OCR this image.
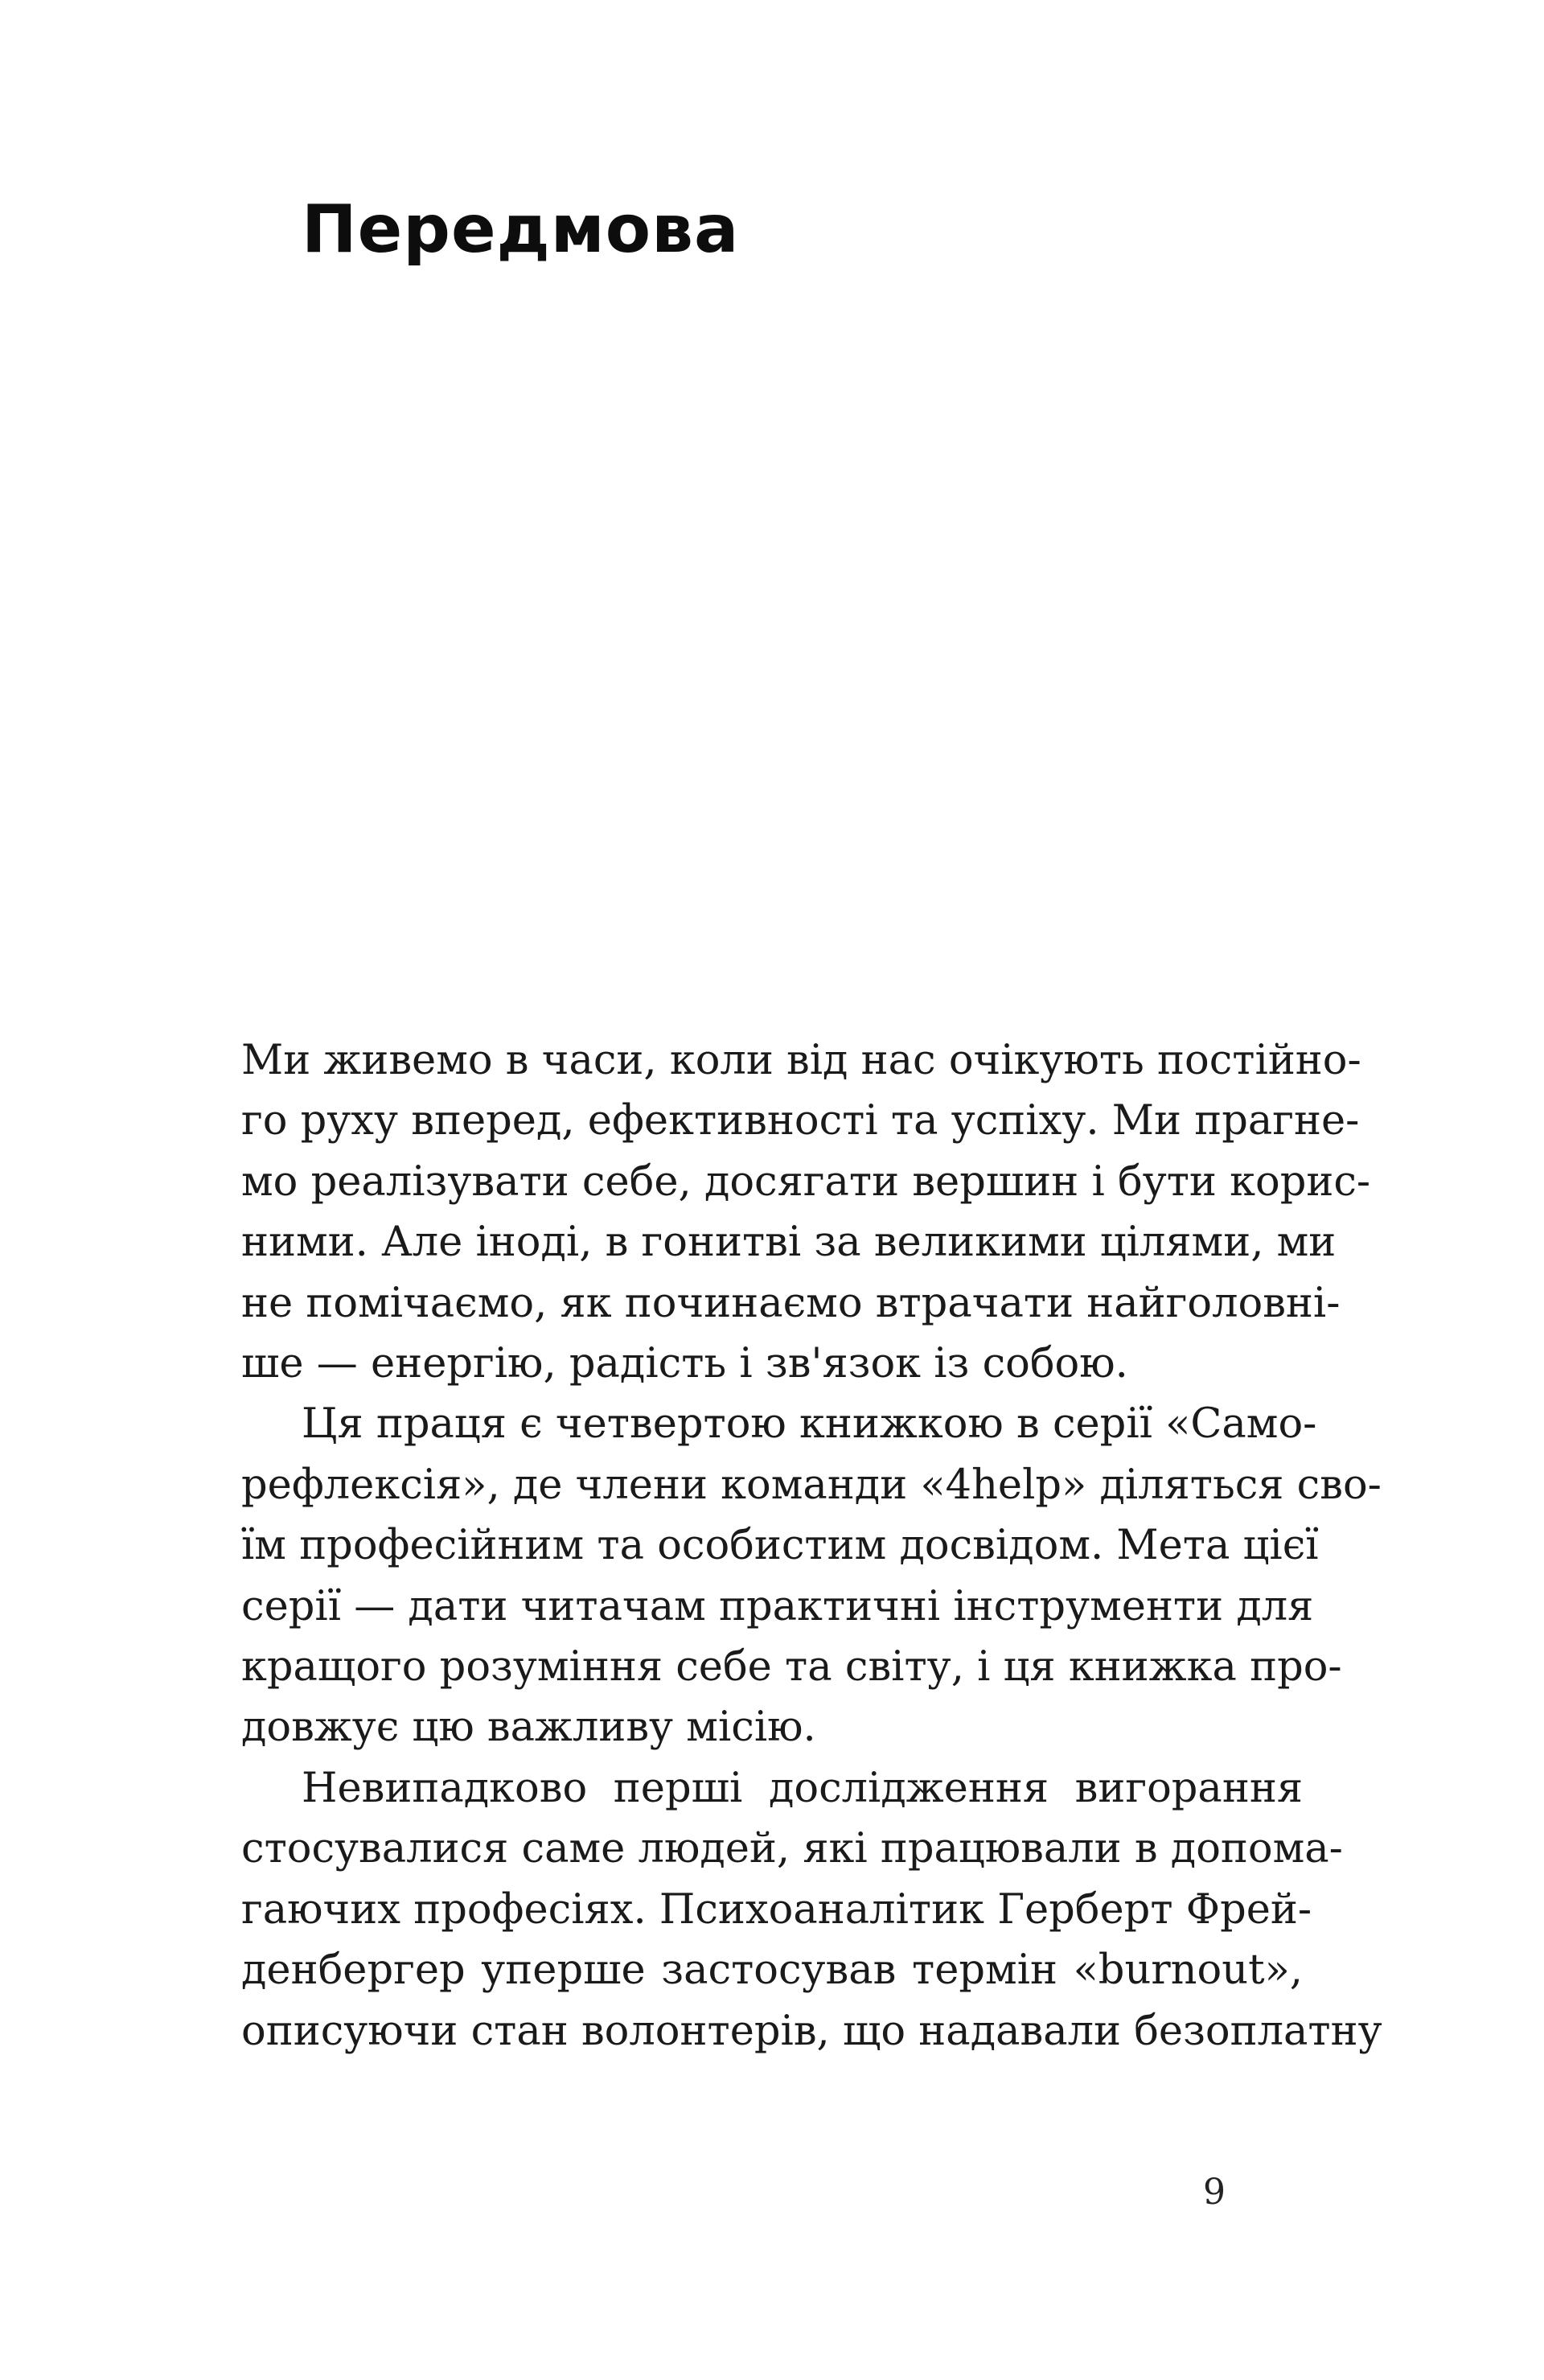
Передмова

Ми живемо в часи, коли від нас очікують постійно-
го руху вперед, ефективності та успіху. Ми прагне-
мо реалізувати себе, досягати вершин і бути корис-
ними. Але іноді, в гонитві за великими цілями, ми
не помічаємо, як починаємо втрачати найголовні-
ше — енергію, радість і зв'язок із собою.

Ця праця є четвертою книжкою в серії «Само-
рефлексія», де члени команди «4help» діляться сво-
їм професійним та особистим досвідом. Мета цієї
серії — дати читачам практичні інструменти для
кращого розуміння себе та світу, і ця книжка про-
довжує цю важливу місію.

Невипадково перші дослідження вигорання
стосувалися саме людей, які працювали в допома-
гаючих професіях. Психоаналітик Герберт Фрей-
денбергер уперше застосував термін «burnout»,
описуючи стан волонтерів, що надавали безоплатну

9
